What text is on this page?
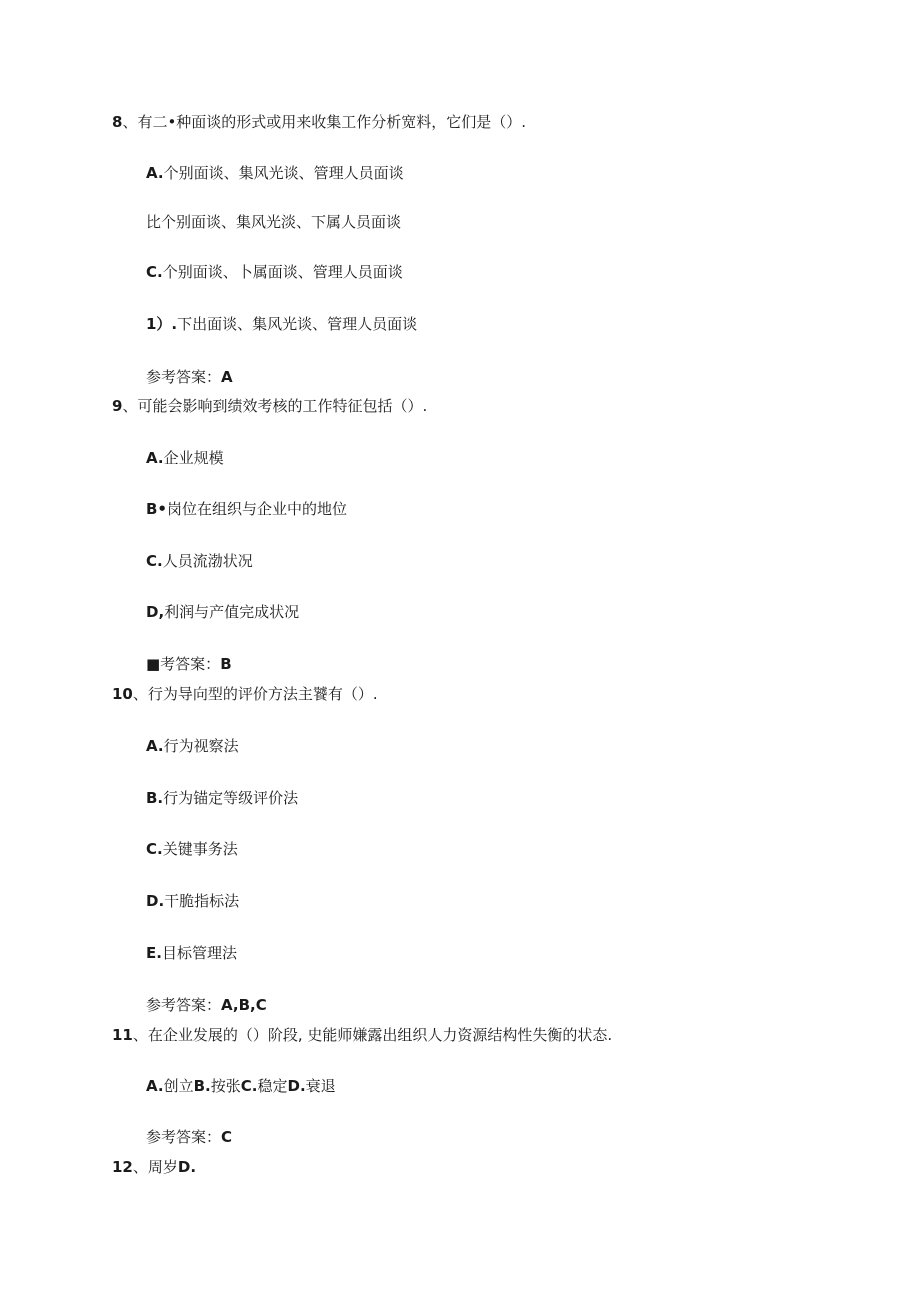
8、有二•种面谈的形式或用来收集工作分析宽料，它们是（）.
A.个别面谈、集风光谈、管理人员面谈
比个别面谈、集风光淡、下属人员面谈
C.个别面谈、卜属面谈、管理人员面谈
1）.下出面谈、集风光谈、管理人员面谈
参考答案：A
9、可能会影响到绩效考核的工作特征包括（）.
A.企业规模
B•岗位在组织与企业中的地位
C.人员流渤状况
D,利润与产值完成状况
■考答案：B
10、行为导向型的评价方法主饕有（）.
A.行为视察法
B.行为锚定等级评价法
C.关键事务法
D.干脆指标法
E.目标管理法
参考答案：A,B,C
11、在企业发展的（）阶段, 史能师嫌露出组织人力资源结构性失衡的状态.
A.创立B.按张C.稳定D.衰退
参考答案：C
12、周岁D.
